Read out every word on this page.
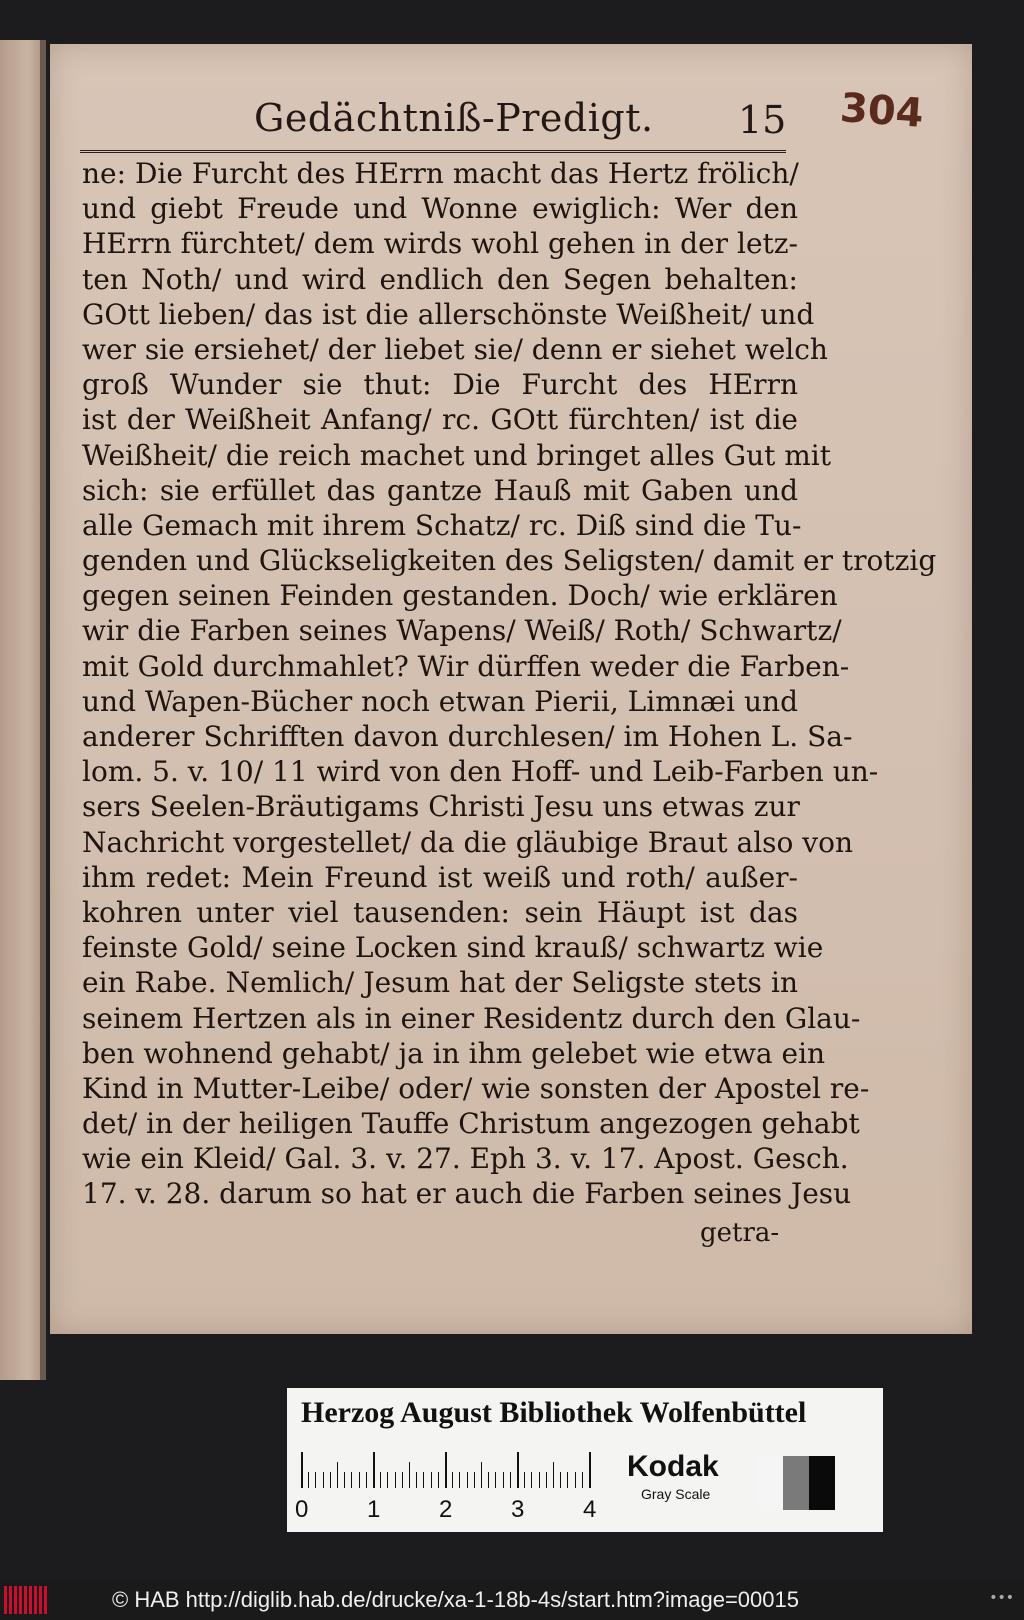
Gedächtniß-Predigt. 15 304
ne: Die Furcht des HErrn macht das Hertz frölich/
und giebt Freude und Wonne ewiglich: Wer den
HErrn fürchtet/ dem wirds wohl gehen in der letz-
ten Noth/ und wird endlich den Segen behalten:
GOtt lieben/ das ist die allerschönste Weißheit/ und
wer sie ersiehet/ der liebet sie/ denn er siehet welch
groß Wunder sie thut: Die Furcht des HErrn
ist der Weißheit Anfang/ rc. GOtt fürchten/ ist die
Weißheit/ die reich machet und bringet alles Gut mit
sich: sie erfüllet das gantze Hauß mit Gaben und
alle Gemach mit ihrem Schatz/ rc. Diß sind die Tu-
genden und Glückseligkeiten des Seligsten/ damit er trotzig
gegen seinen Feinden gestanden. Doch/ wie erklären
wir die Farben seines Wapens/ Weiß/ Roth/ Schwartz/
mit Gold durchmahlet? Wir dürffen weder die Farben-
und Wapen-Bücher noch etwan Pierii, Limnæi und
anderer Schrifften davon durchlesen/ im Hohen L. Sa-
lom. 5. v. 10/ 11 wird von den Hoff- und Leib-Farben un-
sers Seelen-Bräutigams Christi Jesu uns etwas zur
Nachricht vorgestellet/ da die gläubige Braut also von
ihm redet: Mein Freund ist weiß und roth/ außer-
kohren unter viel tausenden: sein Häupt ist das
feinste Gold/ seine Locken sind krauß/ schwartz wie
ein Rabe. Nemlich/ Jesum hat der Seligste stets in
seinem Hertzen als in einer Residentz durch den Glau-
ben wohnend gehabt/ ja in ihm gelebet wie etwa ein
Kind in Mutter-Leibe/ oder/ wie sonsten der Apostel re-
det/ in der heiligen Tauffe Christum angezogen gehabt
wie ein Kleid/ Gal. 3. v. 27. Eph 3. v. 17. Apost. Gesch.
17. v. 28. darum so hat er auch die Farben seines Jesu
getra-
Herzog August Bibliothek Wolfenbüttel
0 1 2 3 4
Kodak
Gray Scale
© HAB http://diglib.hab.de/drucke/xa-1-18b-4s/start.htm?image=00015	•••
